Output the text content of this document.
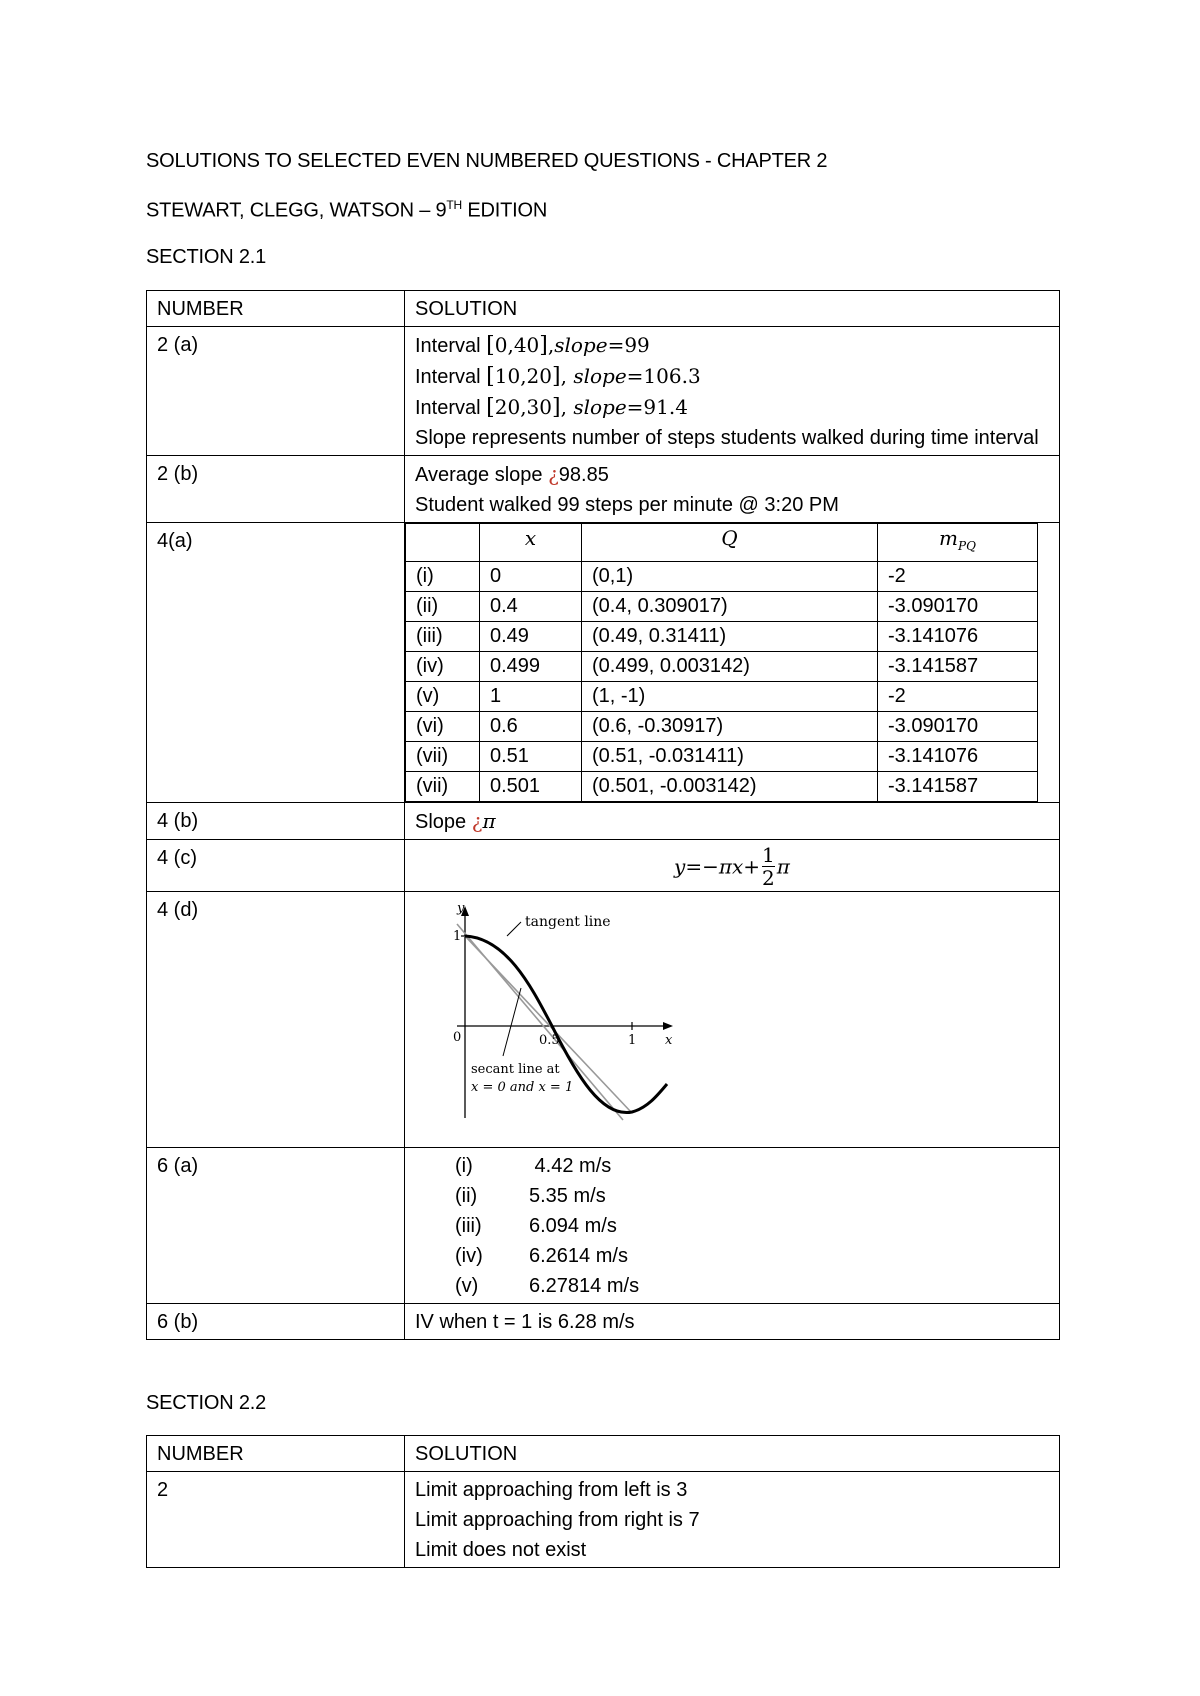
SOLUTIONS TO SELECTED EVEN NUMBERED QUESTIONS - CHAPTER 2
STEWART, CLEGG, WATSON – 9TH EDITION
SECTION 2.1
NUMBER	SOLUTION
2 (a)	Interval [0,40],slope=99
Interval [10,20], slope=106.3
Interval [20,30], slope=91.4
Slope represents number of steps students walked during time interval

2 (b)	Average slope ¿98.85
Student walked 99 steps per minute @ 3:20 PM

4(a)	
		x	Q	$m_{PQ}$
(i)	0	(0,1)	-2
(ii)	0.4	(0.4, 0.309017)	-3.090170
(iii)	0.49	(0.49, 0.31411)	-3.141076
(iv)	0.499	(0.499, 0.003142)	-3.141587
(v)	1	(1, -1)	-2
(vi)	0.6	(0.6, -0.30917)	-3.090170
(vii)	0.51	(0.51, -0.031411)	-3.141076
(vii)	0.501	(0.501, -0.003142)	-3.141587

4 (b)	Slope ¿π
4 (c)	$y=-\pi x+ \frac{1}{2}$ π
4 (d)	y
x
1
0	0.5	1
tangent line
secant line at
x = 0 and x = 1

6 (a)	(i)	4.42 m/s
(ii)	5.35 m/s
(iii)	6.094 m/s
(iv)	6.2614 m/s
(v)	6.27814 m/s

6 (b)	IV when t = 1 is 6.28 m/s
SECTION 2.2
NUMBER	SOLUTION
2	Limit approaching from left is 3
Limit approaching from right is 7
Limit does not exist
